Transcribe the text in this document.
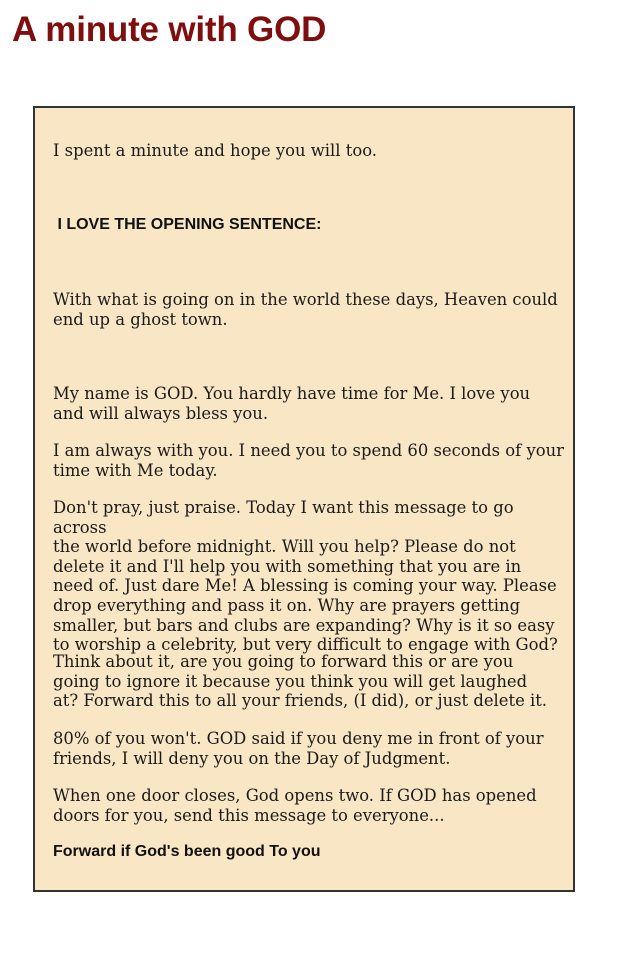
A minute with GOD

I spent a minute and hope you will too.

I LOVE THE OPENING SENTENCE:

With what is going on in the world these days, Heaven could
end up a ghost town.

My name is GOD. You hardly have time for Me. I love you
and will always bless you.

I am always with you. I need you to spend 60 seconds of your
time with Me today.

Don't pray, just praise. Today I want this message to go across
the world before midnight. Will you help? Please do not
delete it and I'll help you with something that you are in
need of. Just dare Me! A blessing is coming your way. Please
drop everything and pass it on. Why are prayers getting
smaller, but bars and clubs are expanding? Why is it so easy
to worship a celebrity, but very difficult to engage with God?

Think about it, are you going to forward this or are you
going to ignore it because you think you will get laughed
at? Forward this to all your friends, (I did), or just delete it.

80% of you won't. GOD said if you deny me in front of your
friends, I will deny you on the Day of Judgment.

When one door closes, God opens two. If GOD has opened
doors for you, send this message to everyone...

Forward if God's been good To you
